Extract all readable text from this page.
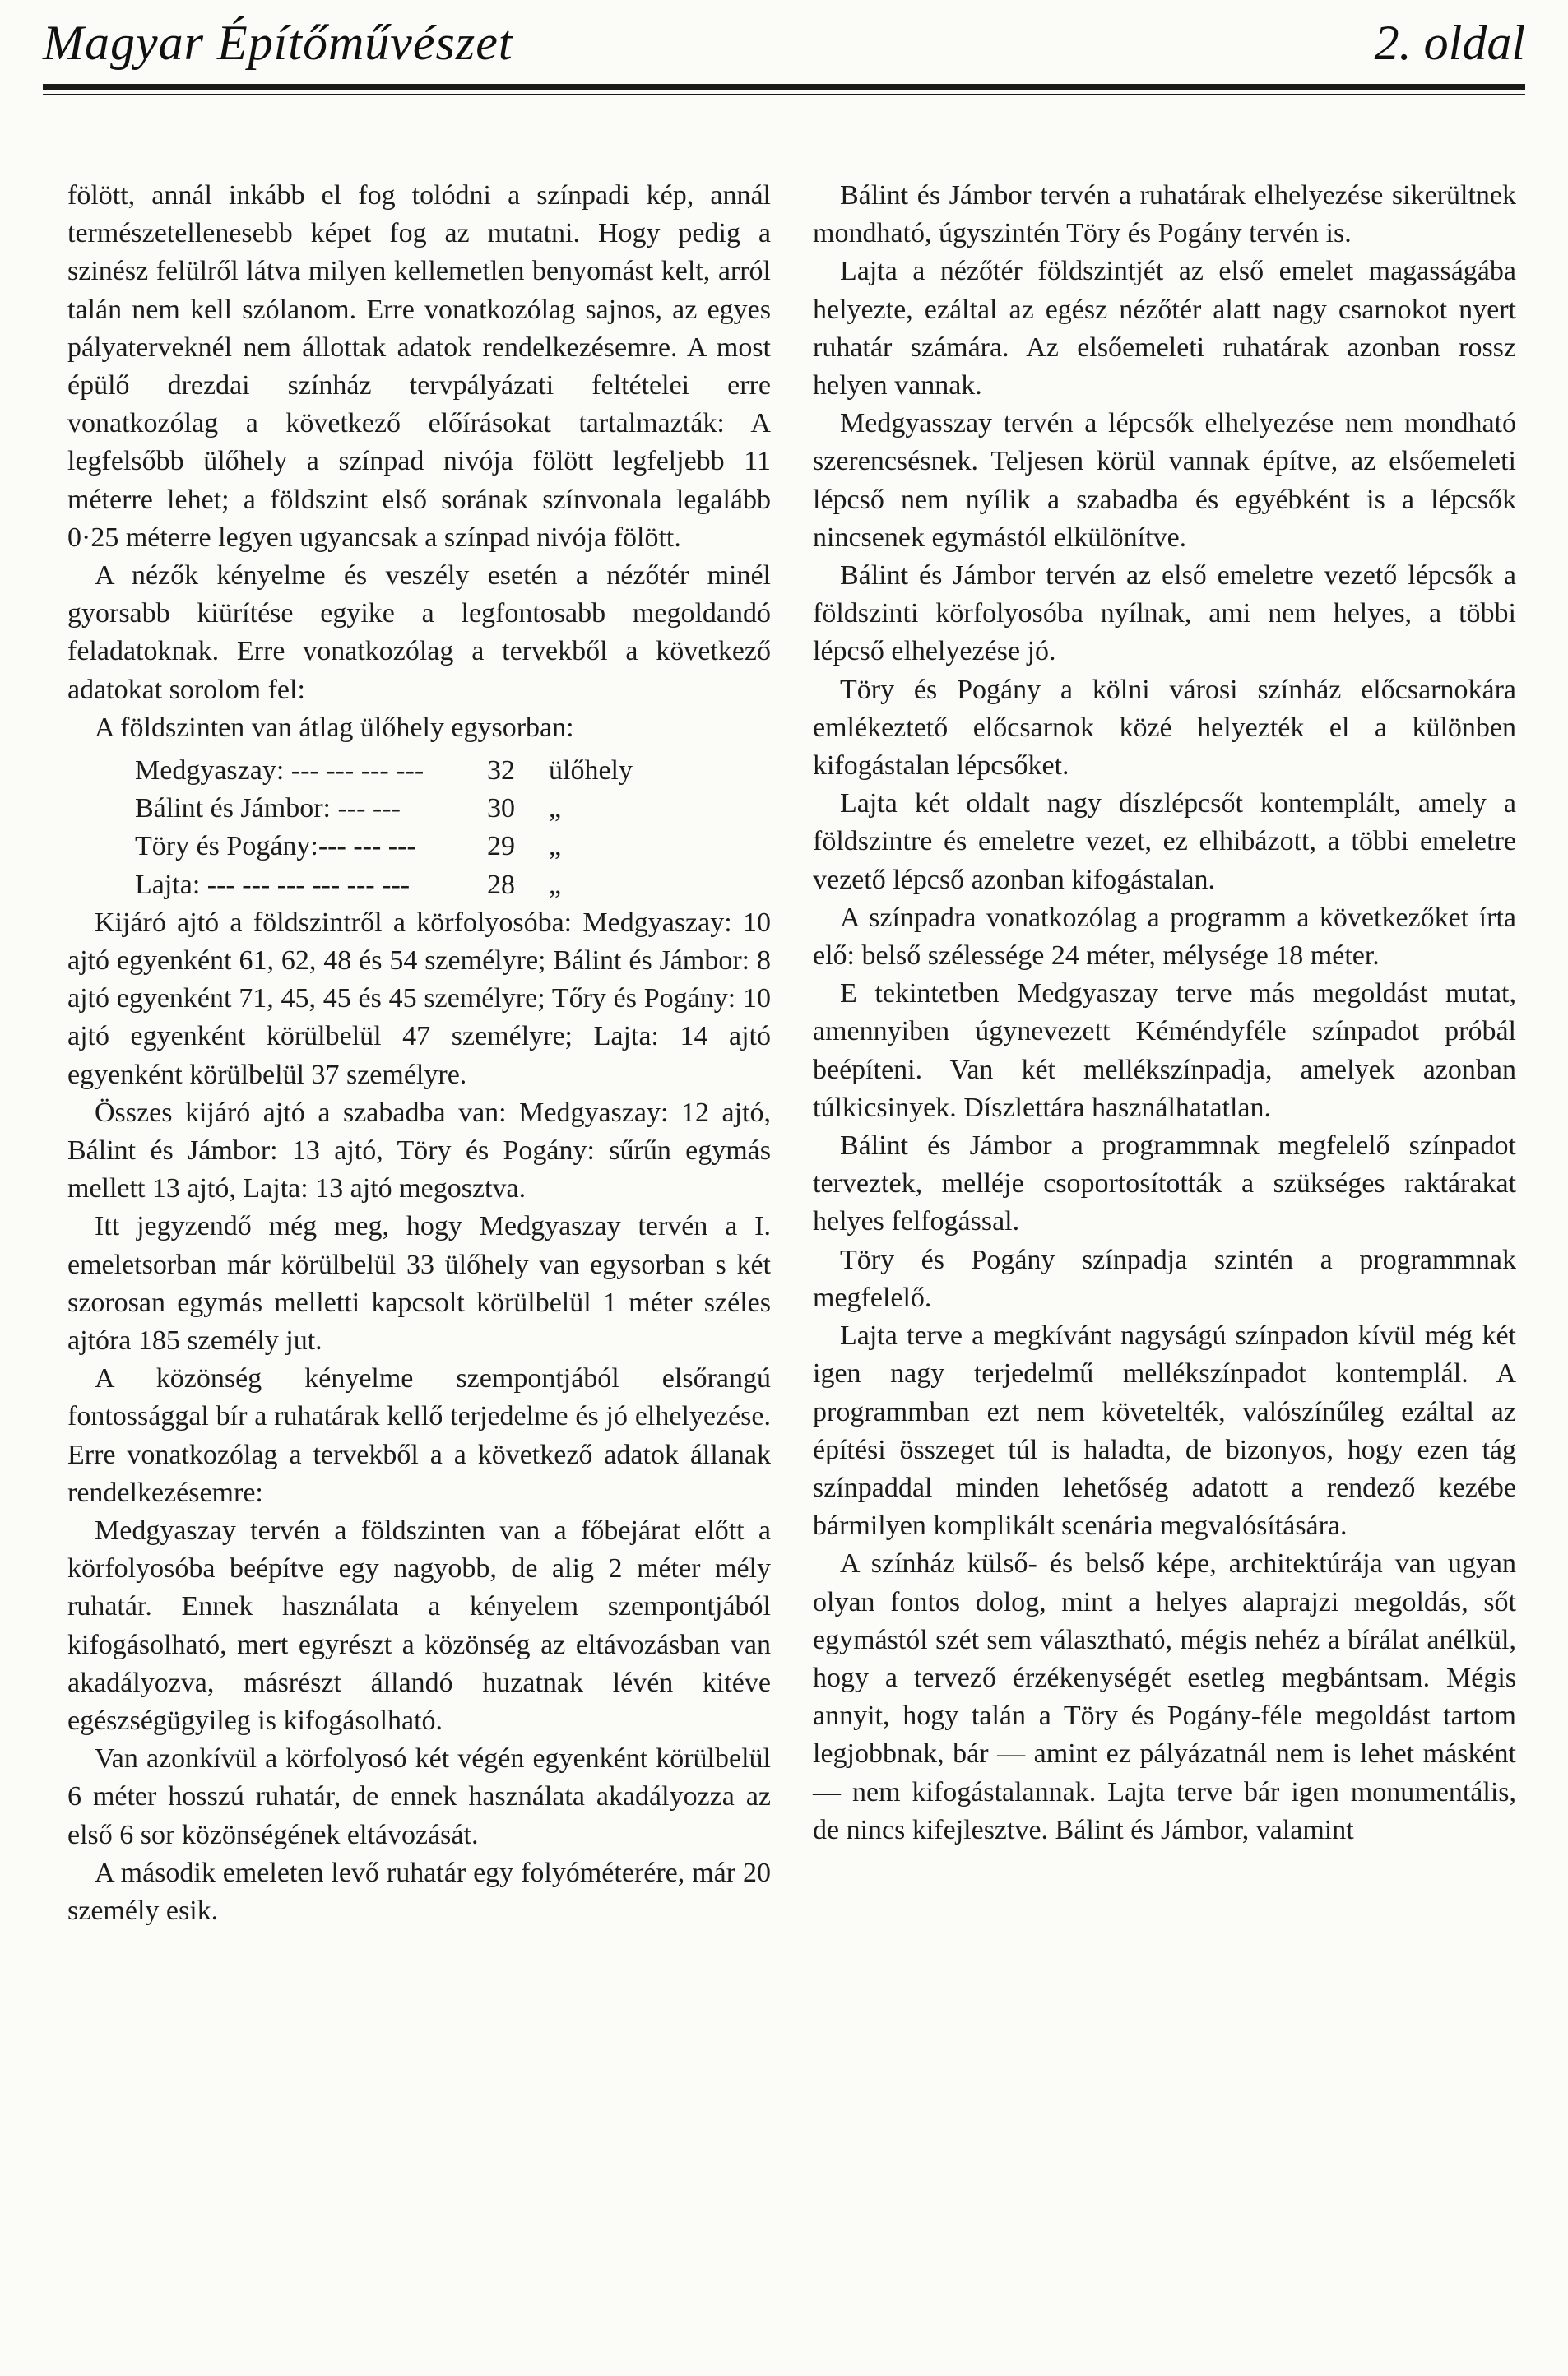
Magyar Építőművészet	2. oldal

fölött, annál inkább el fog tolódni a színpadi kép, annál természetellenesebb képet fog az mutatni. Hogy pedig a szinész felülről látva milyen kellemetlen benyomást kelt, arról talán nem kell szólanom. Erre vonatkozólag sajnos, az egyes pályaterveknél nem állottak adatok rendelkezésemre. A most épülő drezdai színház tervpályázati feltételei erre vonatkozólag a következő előírásokat tartalmazták: A legfelsőbb ülőhely a színpad nivója fölött legfeljebb 11 méterre lehet; a földszint első sorának színvonala legalább 0·25 méterre legyen ugyancsak a színpad nivója fölött.

A nézők kényelme és veszély esetén a nézőtér minél gyorsabb kiürítése egyike a legfontosabb megoldandó feladatoknak. Erre vonatkozólag a tervekből a következő adatokat sorolom fel:

A földszinten van átlag ülőhely egysorban:

Medgyaszay: --- --- --- ---	32	ülőhely
Bálint és Jámbor: --- ---	30	„
Töry és Pogány:--- --- ---	29	„
Lajta: --- --- --- --- --- ---	28	„

Kijáró ajtó a földszintről a körfolyosóba: Medgyaszay: 10 ajtó egyenként 61, 62, 48 és 54 személyre; Bálint és Jámbor: 8 ajtó egyenként 71, 45, 45 és 45 személyre; Tőry és Pogány: 10 ajtó egyenként körülbelül 47 személyre; Lajta: 14 ajtó egyenként körülbelül 37 személyre.

Összes kijáró ajtó a szabadba van: Medgyaszay: 12 ajtó, Bálint és Jámbor: 13 ajtó, Töry és Pogány: sűrűn egymás mellett 13 ajtó, Lajta: 13 ajtó megosztva.

Itt jegyzendő még meg, hogy Medgyaszay tervén a I. emeletsorban már körülbelül 33 ülőhely van egysorban s két szorosan egymás melletti kapcsolt körülbelül 1 méter széles ajtóra 185 személy jut.

A közönség kényelme szempontjából elsőrangú fontossággal bír a ruhatárak kellő terjedelme és jó elhelyezése. Erre vonatkozólag a tervekből a a következő adatok állanak rendelkezésemre:

Medgyaszay tervén a földszinten van a főbejárat előtt a körfolyosóba beépítve egy nagyobb, de alig 2 méter mély ruhatár. Ennek használata a kényelem szempontjából kifogásolható, mert egyrészt a közönség az eltávozásban van akadályozva, másrészt állandó huzatnak lévén kitéve egészségügyileg is kifogásolható.

Van azonkívül a körfolyosó két végén egyenként körülbelül 6 méter hosszú ruhatár, de ennek használata akadályozza az első 6 sor közönségének eltávozását.

A második emeleten levő ruhatár egy folyóméterére, már 20 személy esik.

Bálint és Jámbor tervén a ruhatárak elhelyezése sikerültnek mondható, úgyszintén Töry és Pogány tervén is.

Lajta a nézőtér földszintjét az első emelet magasságába helyezte, ezáltal az egész nézőtér alatt nagy csarnokot nyert ruhatár számára. Az elsőemeleti ruhatárak azonban rossz helyen vannak.

Medgyasszay tervén a lépcsők elhelyezése nem mondható szerencsésnek. Teljesen körül vannak építve, az elsőemeleti lépcső nem nyílik a szabadba és egyébként is a lépcsők nincsenek egymástól elkülönítve.

Bálint és Jámbor tervén az első emeletre vezető lépcsők a földszinti körfolyosóba nyílnak, ami nem helyes, a többi lépcső elhelyezése jó.

Töry és Pogány a kölni városi színház előcsarnokára emlékeztető előcsarnok közé helyezték el a különben kifogástalan lépcsőket.

Lajta két oldalt nagy díszlépcsőt kontemplált, amely a földszintre és emeletre vezet, ez elhibázott, a többi emeletre vezető lépcső azonban kifogástalan.

A színpadra vonatkozólag a programm a következőket írta elő: belső szélessége 24 méter, mélysége 18 méter.

E tekintetben Medgyaszay terve más megoldást mutat, amennyiben úgynevezett Kéméndyféle színpadot próbál beépíteni. Van két mellékszínpadja, amelyek azonban túlkicsinyek. Díszlettára használhatatlan.

Bálint és Jámbor a programmnak megfelelő színpadot terveztek, melléje csoportosították a szükséges raktárakat helyes felfogással.

Töry és Pogány színpadja szintén a programmnak megfelelő.

Lajta terve a megkívánt nagyságú színpadon kívül még két igen nagy terjedelmű mellékszínpadot kontemplál. A programmban ezt nem követelték, valószínűleg ezáltal az építési összeget túl is haladta, de bizonyos, hogy ezen tág színpaddal minden lehetőség adatott a rendező kezébe bármilyen komplikált scenária megvalósítására.

A színház külső- és belső képe, architektúrája van ugyan olyan fontos dolog, mint a helyes alaprajzi megoldás, sőt egymástól szét sem választható, mégis nehéz a bírálat anélkül, hogy a tervező érzékenységét esetleg megbántsam. Mégis annyit, hogy talán a Töry és Pogány-féle megoldást tartom legjobbnak, bár — amint ez pályázatnál nem is lehet másként — nem kifogástalannak. Lajta terve bár igen monumentális, de nincs kifejlesztve. Bálint és Jámbor, valamint
